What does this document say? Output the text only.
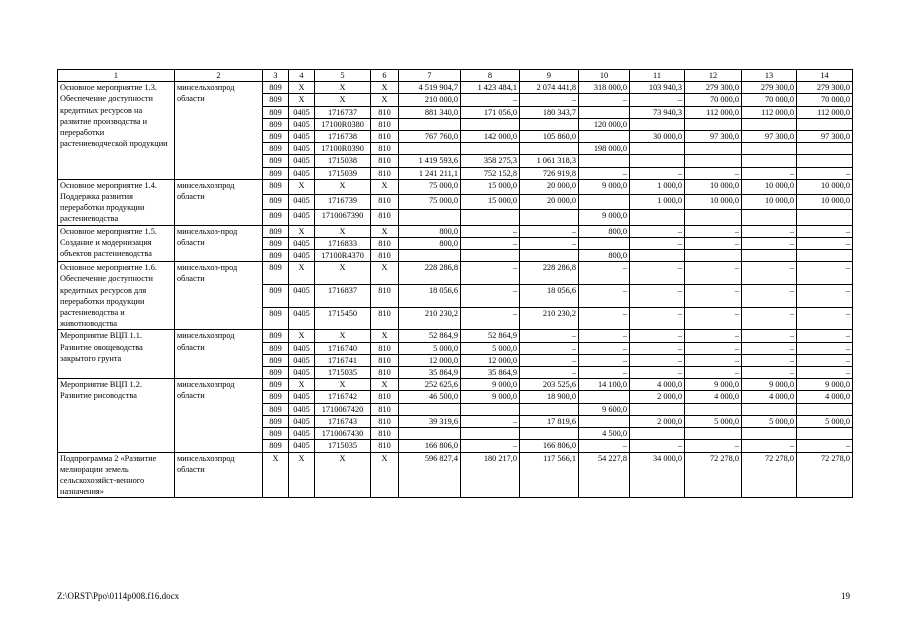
1	2	3	4	5	6	7	8	9	10	11	12	13	14
Основное мероприятие 1.3. Обеспечение доступности кредитных ресурсов на развитие производства и переработки растениеводческой продукции	минсельхозпрод области	809	X	X	X	4 519 904,7	1 423 484,1	2 074 441,8	318 000,0	103 940,3	279 300,0	279 300,0	279 300,0
		809	X	X	X	210 000,0	–	–	–	–	70 000,0	70 000,0	70 000,0
		809	0405	1716737	810	881 340,0	171 056,0	180 343,7		73 940,3	112 000,0	112 000,0	112 000,0
		809	0405	17100R0380	810				120 000,0				
		809	0405	1716738	810	767 760,0	142 000,0	105 860,0		30 000,0	97 300,0	97 300,0	97 300,0
		809	0405	17100R0390	810				198 000,0				
		809	0405	1715038	810	1 419 593,6	358 275,3	1 061 318,3					
		809	0405	1715039	810	1 241 211,1	752 152,8	726 919,8	–	–	–	–	–
Основное мероприятие 1.4. Поддержка развития переработки продукции растениеводства	минсельхозпрод области	809	X	X	X	75 000,0	15 000,0	20 000,0	9 000,0	1 000,0	10 000,0	10 000,0	10 000,0
		809	0405	1716739	810	75 000,0	15 000,0	20 000,0		1 000,0	10 000,0	10 000,0	10 000,0
		809	0405	1710067390	810				9 000,0				
Основное мероприятие 1.5. Создание и модернизация объектов растениеводства	минсельхоз-прод области	809	X	X	X	800,0	–	–	800,0	–	–	–	–
		809	0405	1716833	810	800,0	–	–		–	–	–	–
		809	0405	17100R4370	810				800,0				
Основное мероприятие 1.6. Обеспечение доступности кредитных ресурсов для переработки продукции растениеводства и животноводства	минсельхоз-прод области	809	X	X	X	228 286,8	–	228 286,8	–	–	–	–	–
		809	0405	1716837	810	18 056,6	–	18 056,6	–	–	–	–	–
		809	0405	1715450	810	210 230,2	–	210 230,2	–	–	–	–	–
Мероприятие ВЦП 1.1. Развитие овощеводства закрытого грунта	минсельхозпрод области	809	X	X	X	52 864,9	52 864,9	–	–	–	–	–	–
		809	0405	1716740	810	5 000,0	5 000,0	–	–	–	–	–	–
		809	0405	1716741	810	12 000,0	12 000,0	–	–	–	–	–	–
		809	0405	1715035	810	35 864,9	35 864,9	–	–	–	–	–	–
Мероприятие ВЦП 1.2. Развитие рисоводства	минсельхозпрод области	809	X	X	X	252 625,6	9 000,0	203 525,6	14 100,0	4 000,0	9 000,0	9 000,0	9 000,0
		809	0405	1716742	810	46 500,0	9 000,0	18 900,0		2 000,0	4 000,0	4 000,0	4 000,0
		809	0405	1710067420	810				9 600,0				
		809	0405	1716743	810	39 319,6	–	17 819,6		2 000,0	5 000,0	5 000,0	5 000,0
		809	0405	1710067430	810				4 500,0				
		809	0405	1715035	810	166 806,0	–	166 806,0	–	–	–	–	–
Подпрограмма 2 «Развитие мелиорации земель сельскохозяйст-венного назначения»	минсельхозпрод области	X	X	X	X	596 827,4	180 217,0	117 566,1	54 227,8	34 000,0	72 278,0	72 278,0	72 278,0
Z:\ORST\Ppo\0114p008.f16.docx	19
